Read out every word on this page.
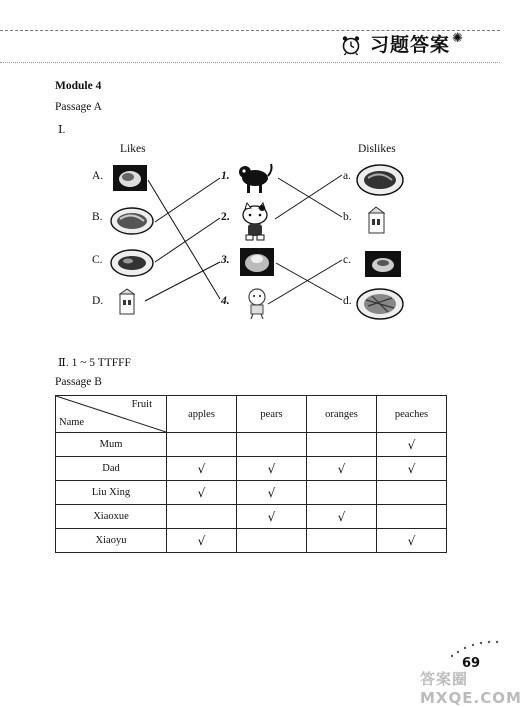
习题答案 ✺
Module 4
Passage A
Ⅰ.
Likes	Dislikes
A.
B.
C.
D.
1.
2.
3.
4.
a.
b.
c.
d.
Ⅱ. 1 ~ 5 TTFFF
Passage B
Fruit
Name	apples	pears	oranges	peaches
Mum				√
Dad	√	√	√	√
Liu Xing	√	√		
Xiaoxue		√	√	
Xiaoyu	√			√
69
答案圈 MXQE.COM
